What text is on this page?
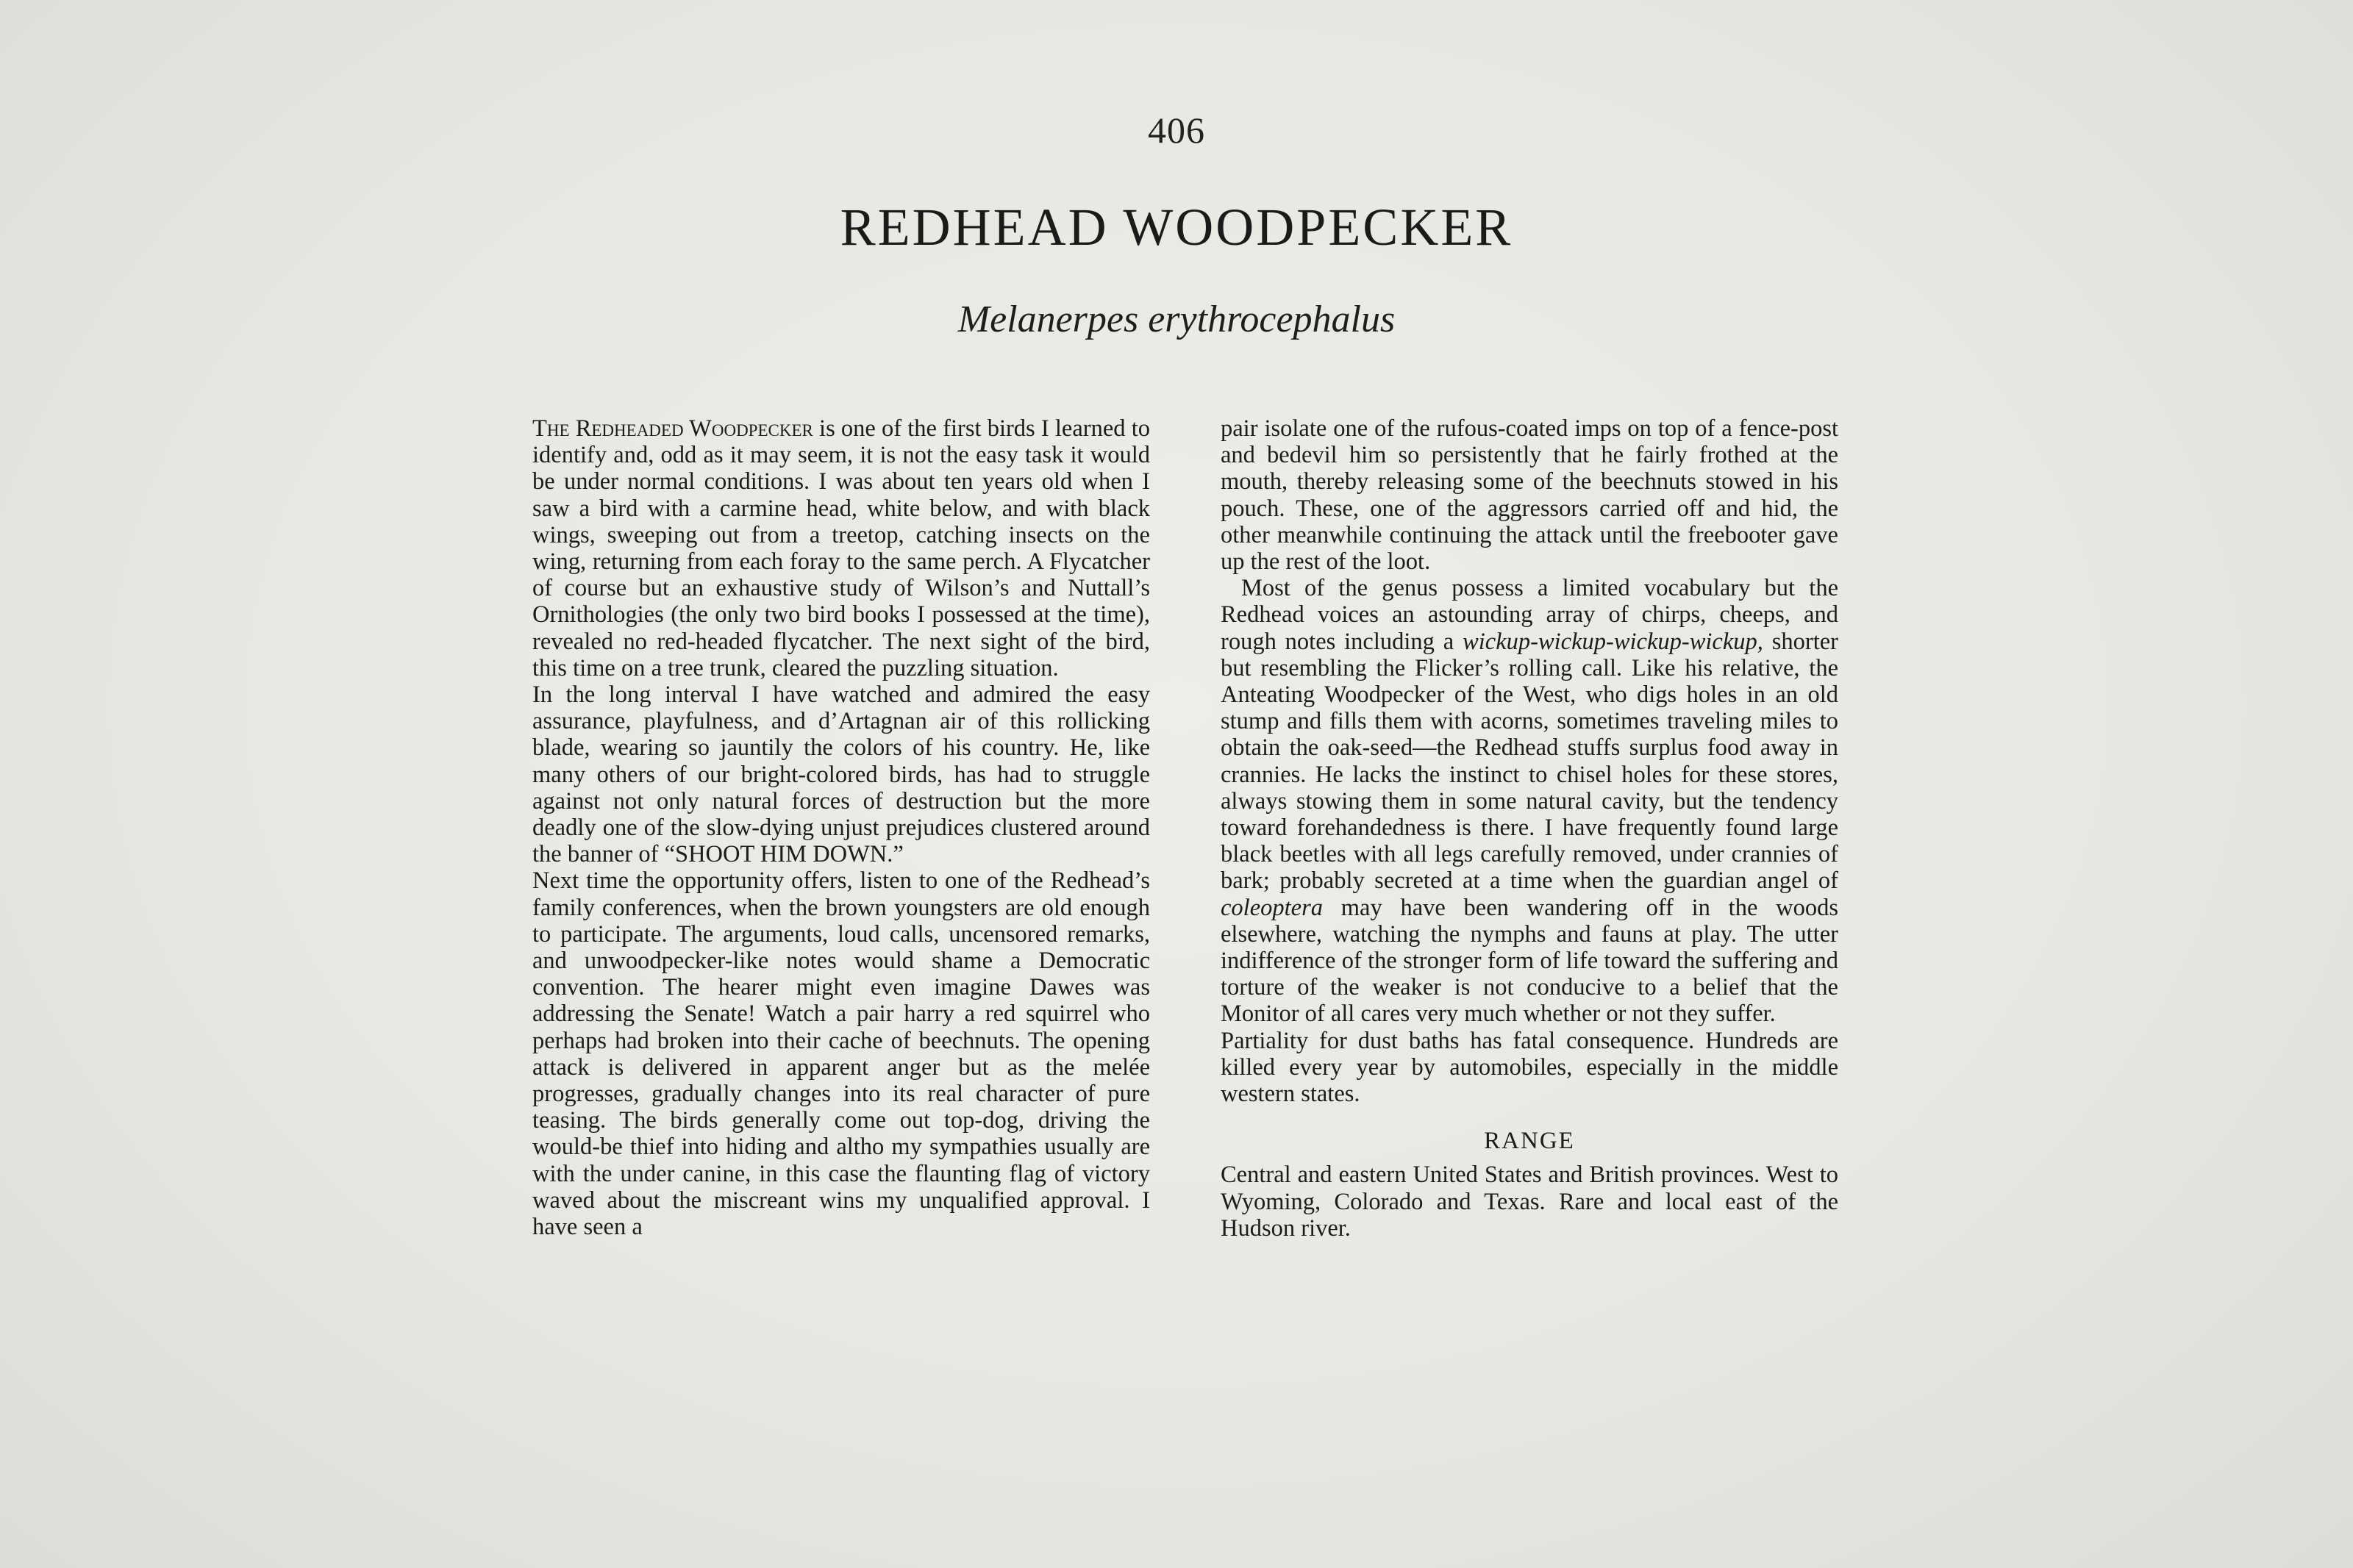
406
REDHEAD WOODPECKER
Melanerpes erythrocephalus

The Redheaded Woodpecker is one of the first birds I learned to identify and, odd as it may seem, it is not the easy task it would be under normal conditions. I was about ten years old when I saw a bird with a carmine head, white below, and with black wings, sweeping out from a treetop, catching insects on the wing, returning from each foray to the same perch. A Flycatcher of course but an exhaustive study of Wilson’s and Nuttall’s Ornithologies (the only two bird books I possessed at the time), revealed no red-headed flycatcher. The next sight of the bird, this time on a tree trunk, cleared the puzzling situation.

In the long interval I have watched and admired the easy assurance, playfulness, and d’Artagnan air of this rollicking blade, wearing so jauntily the colors of his country. He, like many others of our bright-colored birds, has had to struggle against not only natural forces of destruction but the more deadly one of the slow-dying unjust prejudices clustered around the banner of “SHOOT HIM DOWN.”

Next time the opportunity offers, listen to one of the Redhead’s family conferences, when the brown youngsters are old enough to participate. The arguments, loud calls, uncensored remarks, and unwoodpecker-like notes would shame a Democratic convention. The hearer might even imagine Dawes was addressing the Senate! Watch a pair harry a red squirrel who perhaps had broken into their cache of beechnuts. The opening attack is delivered in apparent anger but as the melée progresses, gradually changes into its real character of pure teasing. The birds generally come out top-dog, driving the would-be thief into hiding and altho my sympathies usually are with the under canine, in this case the flaunting flag of victory waved about the miscreant wins my unqualified approval. I have seen a

pair isolate one of the rufous-coated imps on top of a fence-post and bedevil him so persistently that he fairly frothed at the mouth, thereby releasing some of the beechnuts stowed in his pouch. These, one of the aggressors carried off and hid, the other meanwhile continuing the attack until the freebooter gave up the rest of the loot.

Most of the genus possess a limited vocabulary but the Redhead voices an astounding array of chirps, cheeps, and rough notes including a wickup-wickup-wickup-wickup, shorter but resembling the Flicker’s rolling call. Like his relative, the Anteating Woodpecker of the West, who digs holes in an old stump and fills them with acorns, sometimes traveling miles to obtain the oak-seed—the Redhead stuffs surplus food away in crannies. He lacks the instinct to chisel holes for these stores, always stowing them in some natural cavity, but the tendency toward forehandedness is there. I have frequently found large black beetles with all legs carefully removed, under crannies of bark; probably secreted at a time when the guardian angel of coleoptera may have been wandering off in the woods elsewhere, watching the nymphs and fauns at play. The utter indifference of the stronger form of life toward the suffering and torture of the weaker is not conducive to a belief that the Monitor of all cares very much whether or not they suffer.

Partiality for dust baths has fatal consequence. Hundreds are killed every year by automobiles, especially in the middle western states.

RANGE

Central and eastern United States and British provinces. West to Wyoming, Colorado and Texas. Rare and local east of the Hudson river.
